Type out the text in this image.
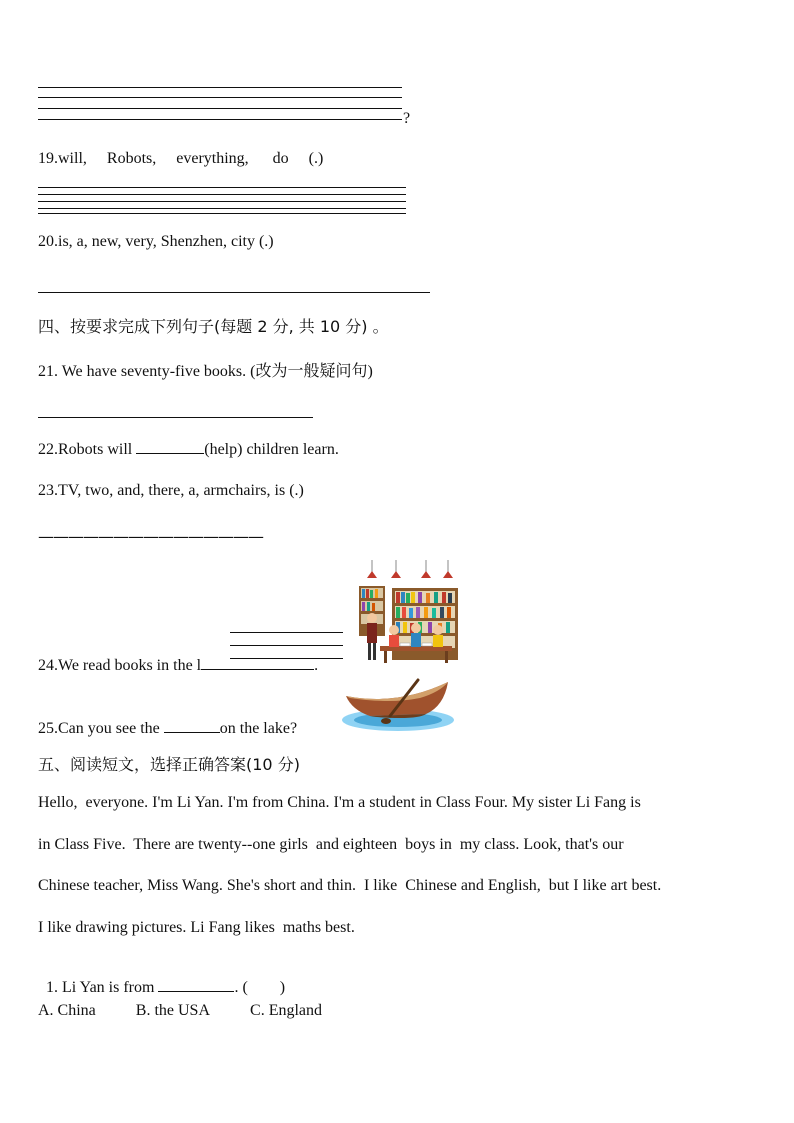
?
19.will,     Robots,     everything,      do     (.)
20.is, a, new, very, Shenzhen, city (.)
四、按要求完成下列句子(每题 2 分, 共 10 分) 。
21. We have seventy-five books. (改为一般疑问句)
22.Robots will	(help) children learn.
23.TV, two, and, there, a, armchairs, is (.)
———————————————
24.We read books in the l	.
25.Can you see the	on the lake?
五、阅读短文，选择正确答案(10 分)
Hello,  everyone. I'm Li Yan. I'm from China. I'm a student in Class Four. My sister Li Fang is
in Class Five.  There are twenty--one girls  and eighteen  boys in  my class. Look, that's our
Chinese teacher, Miss Wang. She's short and thin.  I like  Chinese and English,  but I like art best.
I like drawing pictures. Li Fang likes  maths best.

1. Li Yan is from	. (        )

A. China	B. the USA	C. England
